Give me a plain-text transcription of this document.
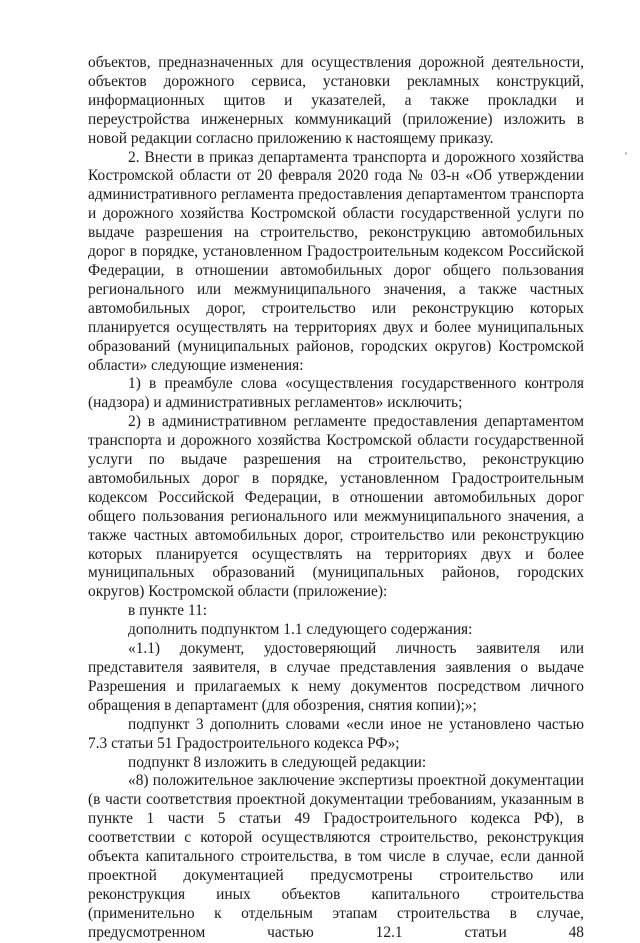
объектов, предназначенных для осуществления дорожной деятельности, объектов дорожного сервиса, установки рекламных конструкций, информационных щитов и указателей, а также прокладки и переустройства инженерных коммуникаций (приложение) изложить в новой редакции согласно приложению к настоящему приказу.

2. Внести в приказ департамента транспорта и дорожного хозяйства Костромской области от 20 февраля 2020 года № 03-н «Об утверждении административного регламента предоставления департаментом транспорта и дорожного хозяйства Костромской области государственной услуги по выдаче разрешения на строительство, реконструкцию автомобильных дорог в порядке, установленном Градостроительным кодексом Российской Федерации, в отношении автомобильных дорог общего пользования регионального или межмуниципального значения, а также частных автомобильных дорог, строительство или реконструкцию которых планируется осуществлять на территориях двух и более муниципальных образований (муниципальных районов, городских округов) Костромской области» следующие изменения:

1) в преамбуле слова «осуществления государственного контроля (надзора) и административных регламентов» исключить;

2) в административном регламенте предоставления департаментом транспорта и дорожного хозяйства Костромской области государственной услуги по выдаче разрешения на строительство, реконструкцию автомобильных дорог в порядке, установленном Градостроительным кодексом Российской Федерации, в отношении автомобильных дорог общего пользования регионального или межмуниципального значения, а также частных автомобильных дорог, строительство или реконструкцию которых планируется осуществлять на территориях двух и более муниципальных образований (муниципальных районов, городских округов) Костромской области (приложение):

в пункте 11:

дополнить подпунктом 1.1 следующего содержания:

«1.1) документ, удостоверяющий личность заявителя или представителя заявителя, в случае представления заявления о выдаче Разрешения и прилагаемых к нему документов посредством личного обращения в департамент (для обозрения, снятия копии);»;

подпункт 3 дополнить словами «если иное не установлено частью 7.3 статьи 51 Градостроительного кодекса РФ»;

подпункт 8 изложить в следующей редакции:

«8) положительное заключение экспертизы проектной документации (в части соответствия проектной документации требованиям, указанным в пункте 1 части 5 статьи 49 Градостроительного кодекса РФ), в соответствии с которой осуществляются строительство, реконструкция объекта капитального строительства, в том числе в случае, если данной проектной документацией предусмотрены строительство или реконструкция иных объектов капитального строительства (применительно к отдельным этапам строительства в случае, предусмотренном частью 12.1 статьи 48
